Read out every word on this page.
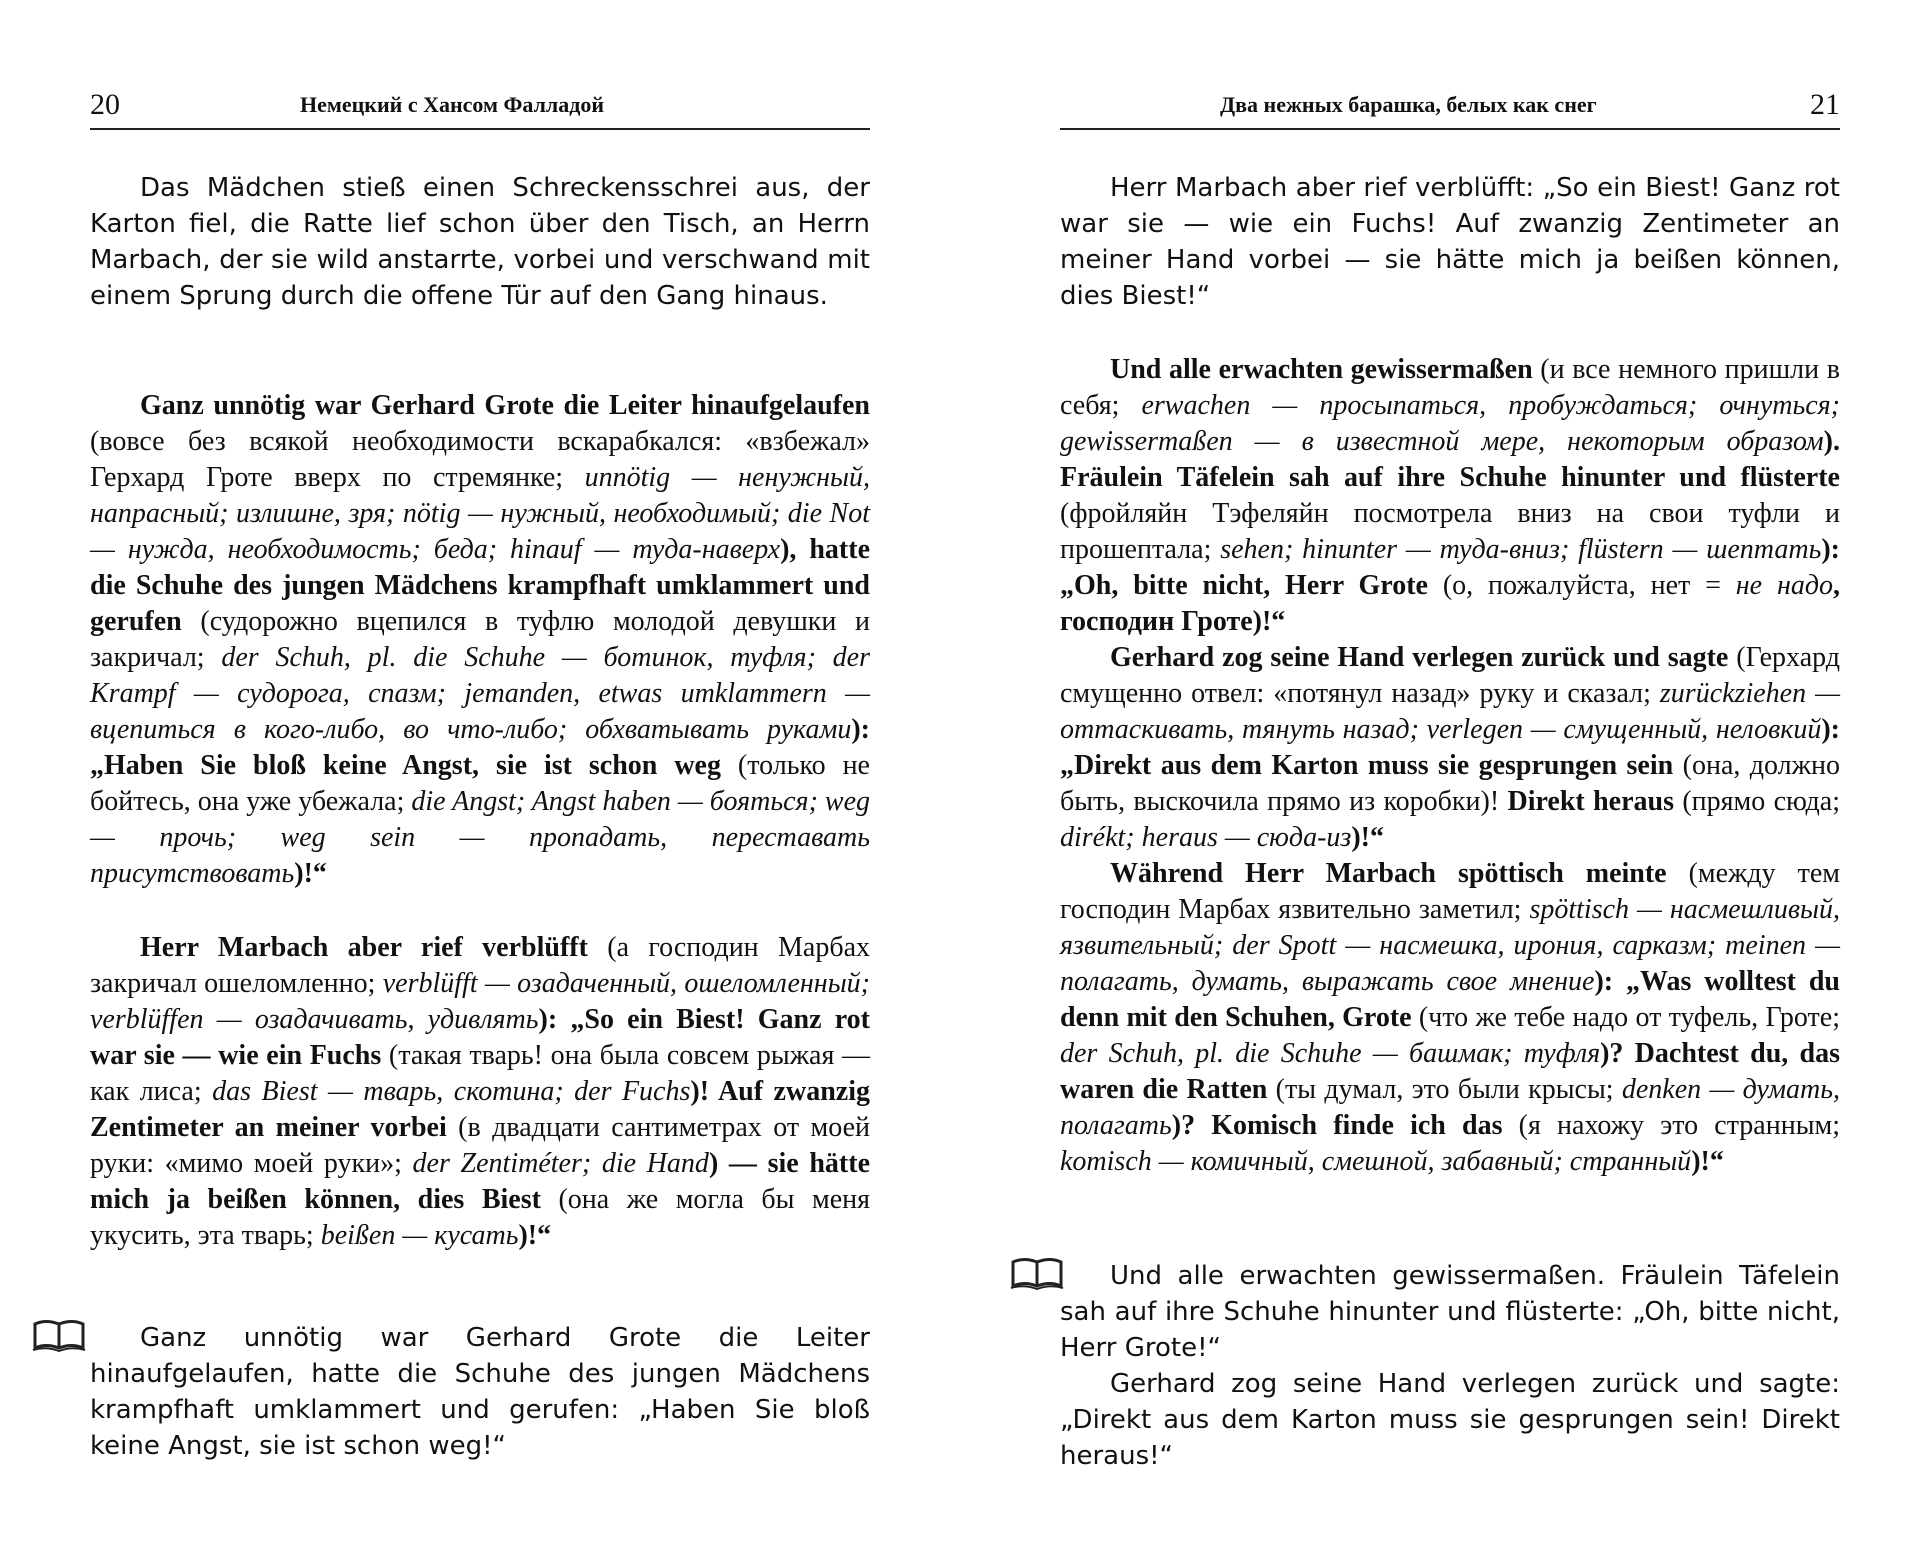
20	Немецкий с Хансом Фалладой

Das Mädchen stieß einen Schreckensschrei aus, der Karton fiel, die Ratte lief schon über den Tisch, an Herrn Marbach, der sie wild anstarrte, vorbei und verschwand mit einem Sprung durch die offene Tür auf den Gang hinaus.

Ganz unnötig war Gerhard Grote die Leiter hinaufgelaufen (вовсе без всякой необходимости вскарабкался: «взбежал» Герхард Гроте вверх по стремянке; unnötig — ненужный, напрасный; излишне, зря; nötig — нужный, необходимый; die Not — нужда, необходимость; беда; hinauf — туда-наверх), hatte die Schuhe des jungen Mädchens krampfhaft umklammert und gerufen (судорожно вцепился в туфлю молодой девушки и закричал; der Schuh, pl. die Schuhe — ботинок, туфля; der Krampf — судорога, спазм; jemanden, etwas umklammern — вцепиться в кого-либо, во что-либо; обхватывать руками): „Haben Sie bloß keine Angst, sie ist schon weg (только не бойтесь, она уже убежала; die Angst; Angst haben — бояться; weg — прочь; weg sein — пропадать, переставать присутствовать)!“

Herr Marbach aber rief verblüfft (а господин Марбах закричал ошеломленно; verblüfft — озадаченный, ошеломленный; verblüffen — озадачивать, удивлять): „So ein Biest! Ganz rot war sie — wie ein Fuchs (такая тварь! она была совсем рыжая — как лиса; das Biest — тварь, скотина; der Fuchs)! Auf zwanzig Zentimeter an meiner vorbei (в двадцати сантиметрах от моей руки: «мимо моей руки»; der Zentiméter; die Hand) — sie hätte mich ja beißen können, dies Biest (она же могла бы меня укусить, эта тварь; beißen — кусать)!“

Ganz unnötig war Gerhard Grote die Leiter hinaufgelaufen, hatte die Schuhe des jungen Mädchens krampfhaft umklammert und gerufen: „Haben Sie bloß keine Angst, sie ist schon weg!“

Два нежных барашка, белых как снег	21

Herr Marbach aber rief verblüfft: „So ein Biest! Ganz rot war sie — wie ein Fuchs! Auf zwanzig Zentimeter an meiner Hand vorbei — sie hätte mich ja beißen können, dies Biest!“

Und alle erwachten gewissermaßen (и все немного пришли в себя; erwachen — просыпаться, пробуждаться; очнуться; gewissermaßen — в известной мере, некоторым образом). Fräulein Täfelein sah auf ihre Schuhe hinunter und flüsterte (фройляйн Тэфеляйн посмотрела вниз на свои туфли и прошептала; sehen; hinunter — туда-вниз; flüstern — шептать): „Oh, bitte nicht, Herr Grote (о, пожалуйста, нет = не надо, господин Гроте)!“

Gerhard zog seine Hand verlegen zurück und sagte (Герхард смущенно отвел: «потянул назад» руку и сказал; zurückziehen — оттаскивать, тянуть назад; verlegen — смущенный, неловкий): „Direkt aus dem Karton muss sie gesprungen sein (она, должно быть, выскочила прямо из коробки)! Direkt heraus (прямо сюда; dirékt; heraus — сюда-из)!“

Während Herr Marbach spöttisch meinte (между тем господин Марбах язвительно заметил; spöttisch — насмешливый, язвительный; der Spott — насмешка, ирония, сарказм; meinen — полагать, думать, выражать свое мнение): „Was wolltest du denn mit den Schuhen, Grote (что же тебе надо от туфель, Гроте; der Schuh, pl. die Schuhe — башмак; туфля)? Dachtest du, das waren die Ratten (ты думал, это были крысы; denken — думать, полагать)? Komisch finde ich das (я нахожу это странным; komisch — комичный, смешной, забавный; странный)!“

Und alle erwachten gewissermaßen. Fräulein Täfelein sah auf ihre Schuhe hinunter und flüsterte: „Oh, bitte nicht, Herr Grote!“

Gerhard zog seine Hand verlegen zurück und sagte: „Direkt aus dem Karton muss sie gesprungen sein! Direkt heraus!“
